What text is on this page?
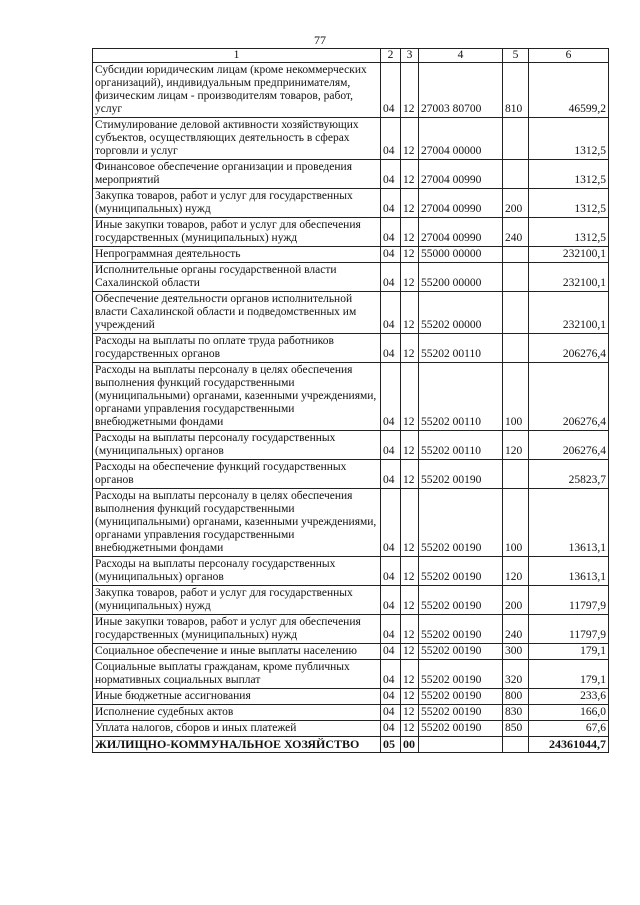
77
1	2	3	4	5	6
Субсидии юридическим лицам (кроме некоммерческих организаций), индивидуальным предпринимателям, физическим лицам - производителям товаров, работ, услуг	04	12	27003 80700	810	46599,2
Стимулирование деловой активности хозяйствующих субъектов, осуществляющих деятельность в сферах торговли и услуг	04	12	27004 00000		1312,5
Финансовое обеспечение организации и проведения мероприятий	04	12	27004 00990		1312,5
Закупка товаров, работ и услуг для государственных (муниципальных) нужд	04	12	27004 00990	200	1312,5
Иные закупки товаров, работ и услуг для обеспечения государственных (муниципальных) нужд	04	12	27004 00990	240	1312,5
Непрограммная деятельность	04	12	55000 00000		232100,1
Исполнительные органы государственной власти Сахалинской области	04	12	55200 00000		232100,1
Обеспечение деятельности органов исполнительной власти Сахалинской области и подведомственных им учреждений	04	12	55202 00000		232100,1
Расходы на выплаты по оплате труда работников государственных органов	04	12	55202 00110		206276,4
Расходы на выплаты персоналу в целях обеспечения выполнения функций государственными (муниципальными) органами, казенными учреждениями, органами управления государственными внебюджетными фондами	04	12	55202 00110	100	206276,4
Расходы на выплаты персоналу государственных (муниципальных) органов	04	12	55202 00110	120	206276,4
Расходы на обеспечение функций государственных органов	04	12	55202 00190		25823,7
Расходы на выплаты персоналу в целях обеспечения выполнения функций государственными (муниципальными) органами, казенными учреждениями, органами управления государственными внебюджетными фондами	04	12	55202 00190	100	13613,1
Расходы на выплаты персоналу государственных (муниципальных) органов	04	12	55202 00190	120	13613,1
Закупка товаров, работ и услуг для государственных (муниципальных) нужд	04	12	55202 00190	200	11797,9
Иные закупки товаров, работ и услуг для обеспечения государственных (муниципальных) нужд	04	12	55202 00190	240	11797,9
Социальное обеспечение и иные выплаты населению	04	12	55202 00190	300	179,1
Социальные выплаты гражданам, кроме публичных нормативных социальных выплат	04	12	55202 00190	320	179,1
Иные бюджетные ассигнования	04	12	55202 00190	800	233,6
Исполнение судебных актов	04	12	55202 00190	830	166,0
Уплата налогов, сборов и иных платежей	04	12	55202 00190	850	67,6
ЖИЛИЩНО-КОММУНАЛЬНОЕ ХОЗЯЙСТВО	05	00			24361044,7
